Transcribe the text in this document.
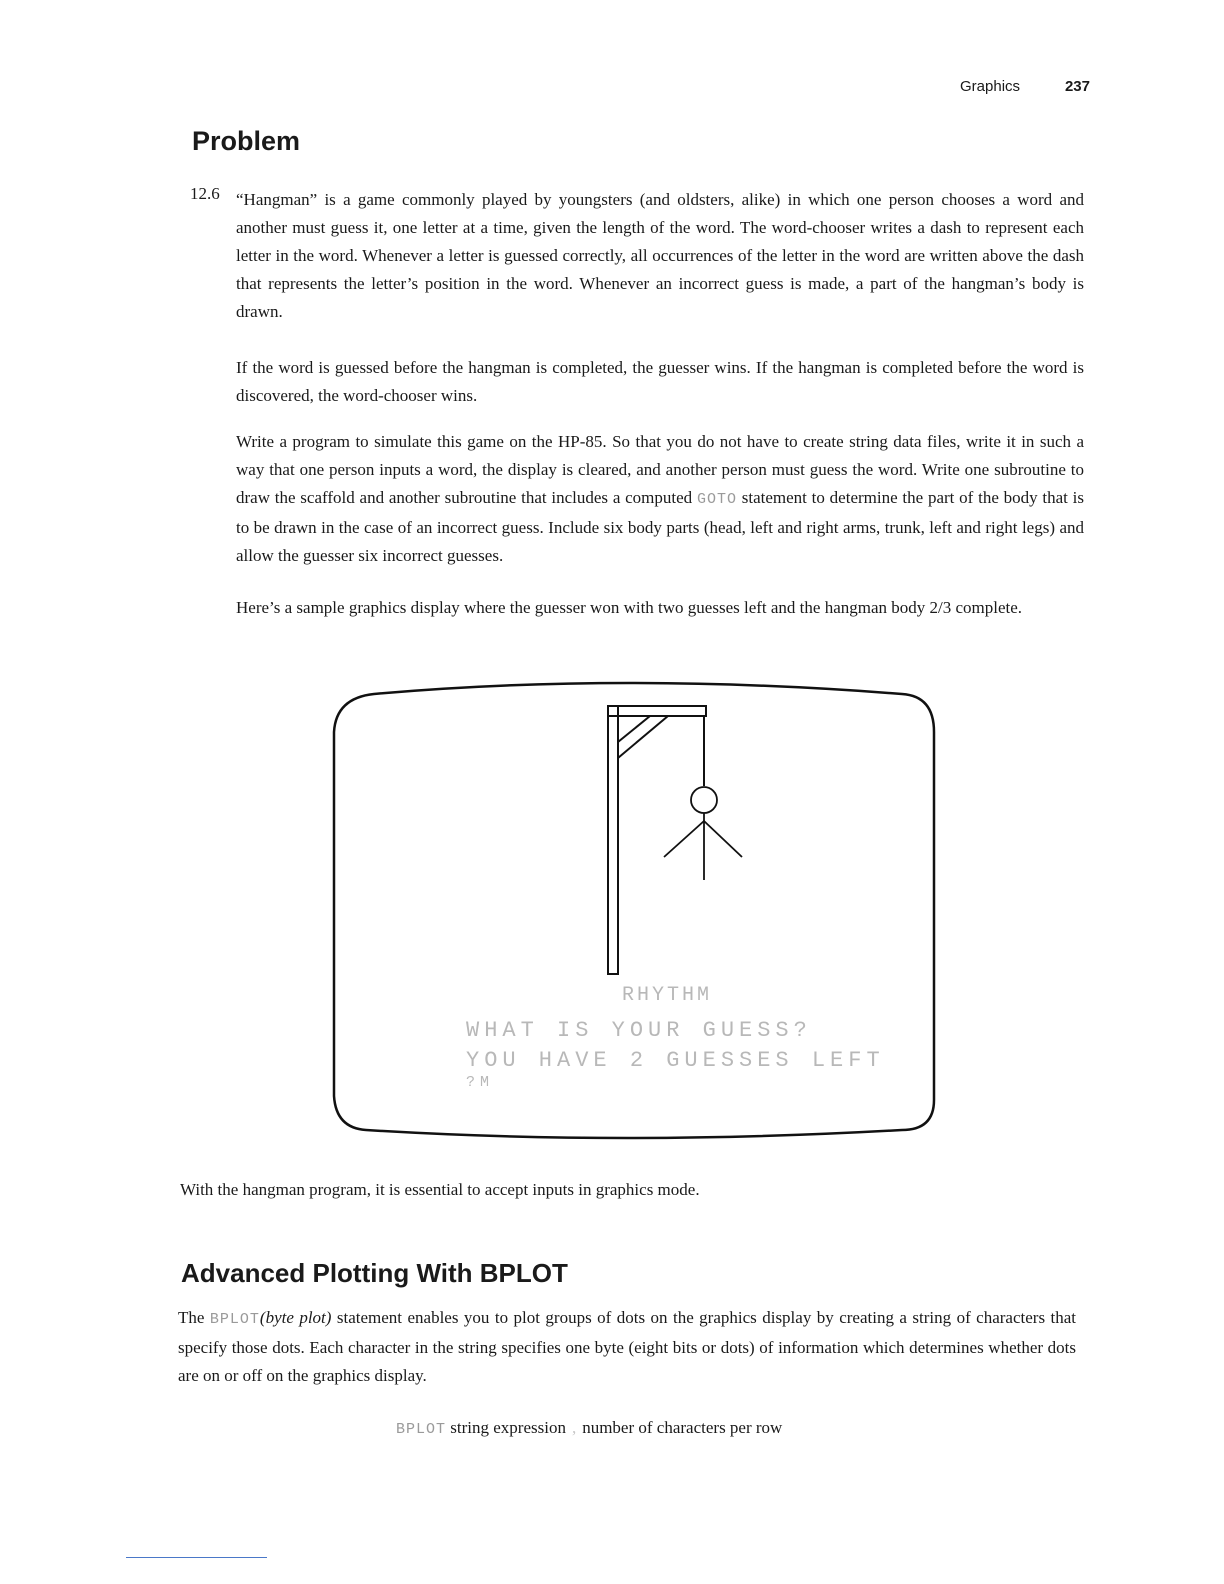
Graphics	237
Problem
12.6 “Hangman” is a game commonly played by youngsters (and oldsters, alike) in which one person chooses a word and another must guess it, one letter at a time, given the length of the word. The word-chooser writes a dash to represent each letter in the word. Whenever a letter is guessed correctly, all occurrences of the letter in the word are written above the dash that represents the letter’s position in the word. Whenever an incorrect guess is made, a part of the hangman’s body is drawn.

If the word is guessed before the hangman is completed, the guesser wins. If the hangman is completed before the word is discovered, the word-chooser wins.

Write a program to simulate this game on the HP-85. So that you do not have to create string data files, write it in such a way that one person inputs a word, the display is cleared, and another person must guess the word. Write one subroutine to draw the scaffold and another subroutine that includes a computed GOTO statement to determine the part of the body that is to be drawn in the case of an incorrect guess. Include six body parts (head, left and right arms, trunk, left and right legs) and allow the guesser six incorrect guesses.

Here’s a sample graphics display where the guesser won with two guesses left and the hangman body 2/3 complete.

RHYTHM
WHAT IS YOUR GUESS?
YOU HAVE 2 GUESSES LEFT
?M

With the hangman program, it is essential to accept inputs in graphics mode.

Advanced Plotting With BPLOT

The BPLOT(byte plot) statement enables you to plot groups of dots on the graphics display by creating a string of characters that specify those dots. Each character in the string specifies one byte (eight bits or dots) of information which determines whether dots are on or off on the graphics display.

BPLOT string expression , number of characters per row
